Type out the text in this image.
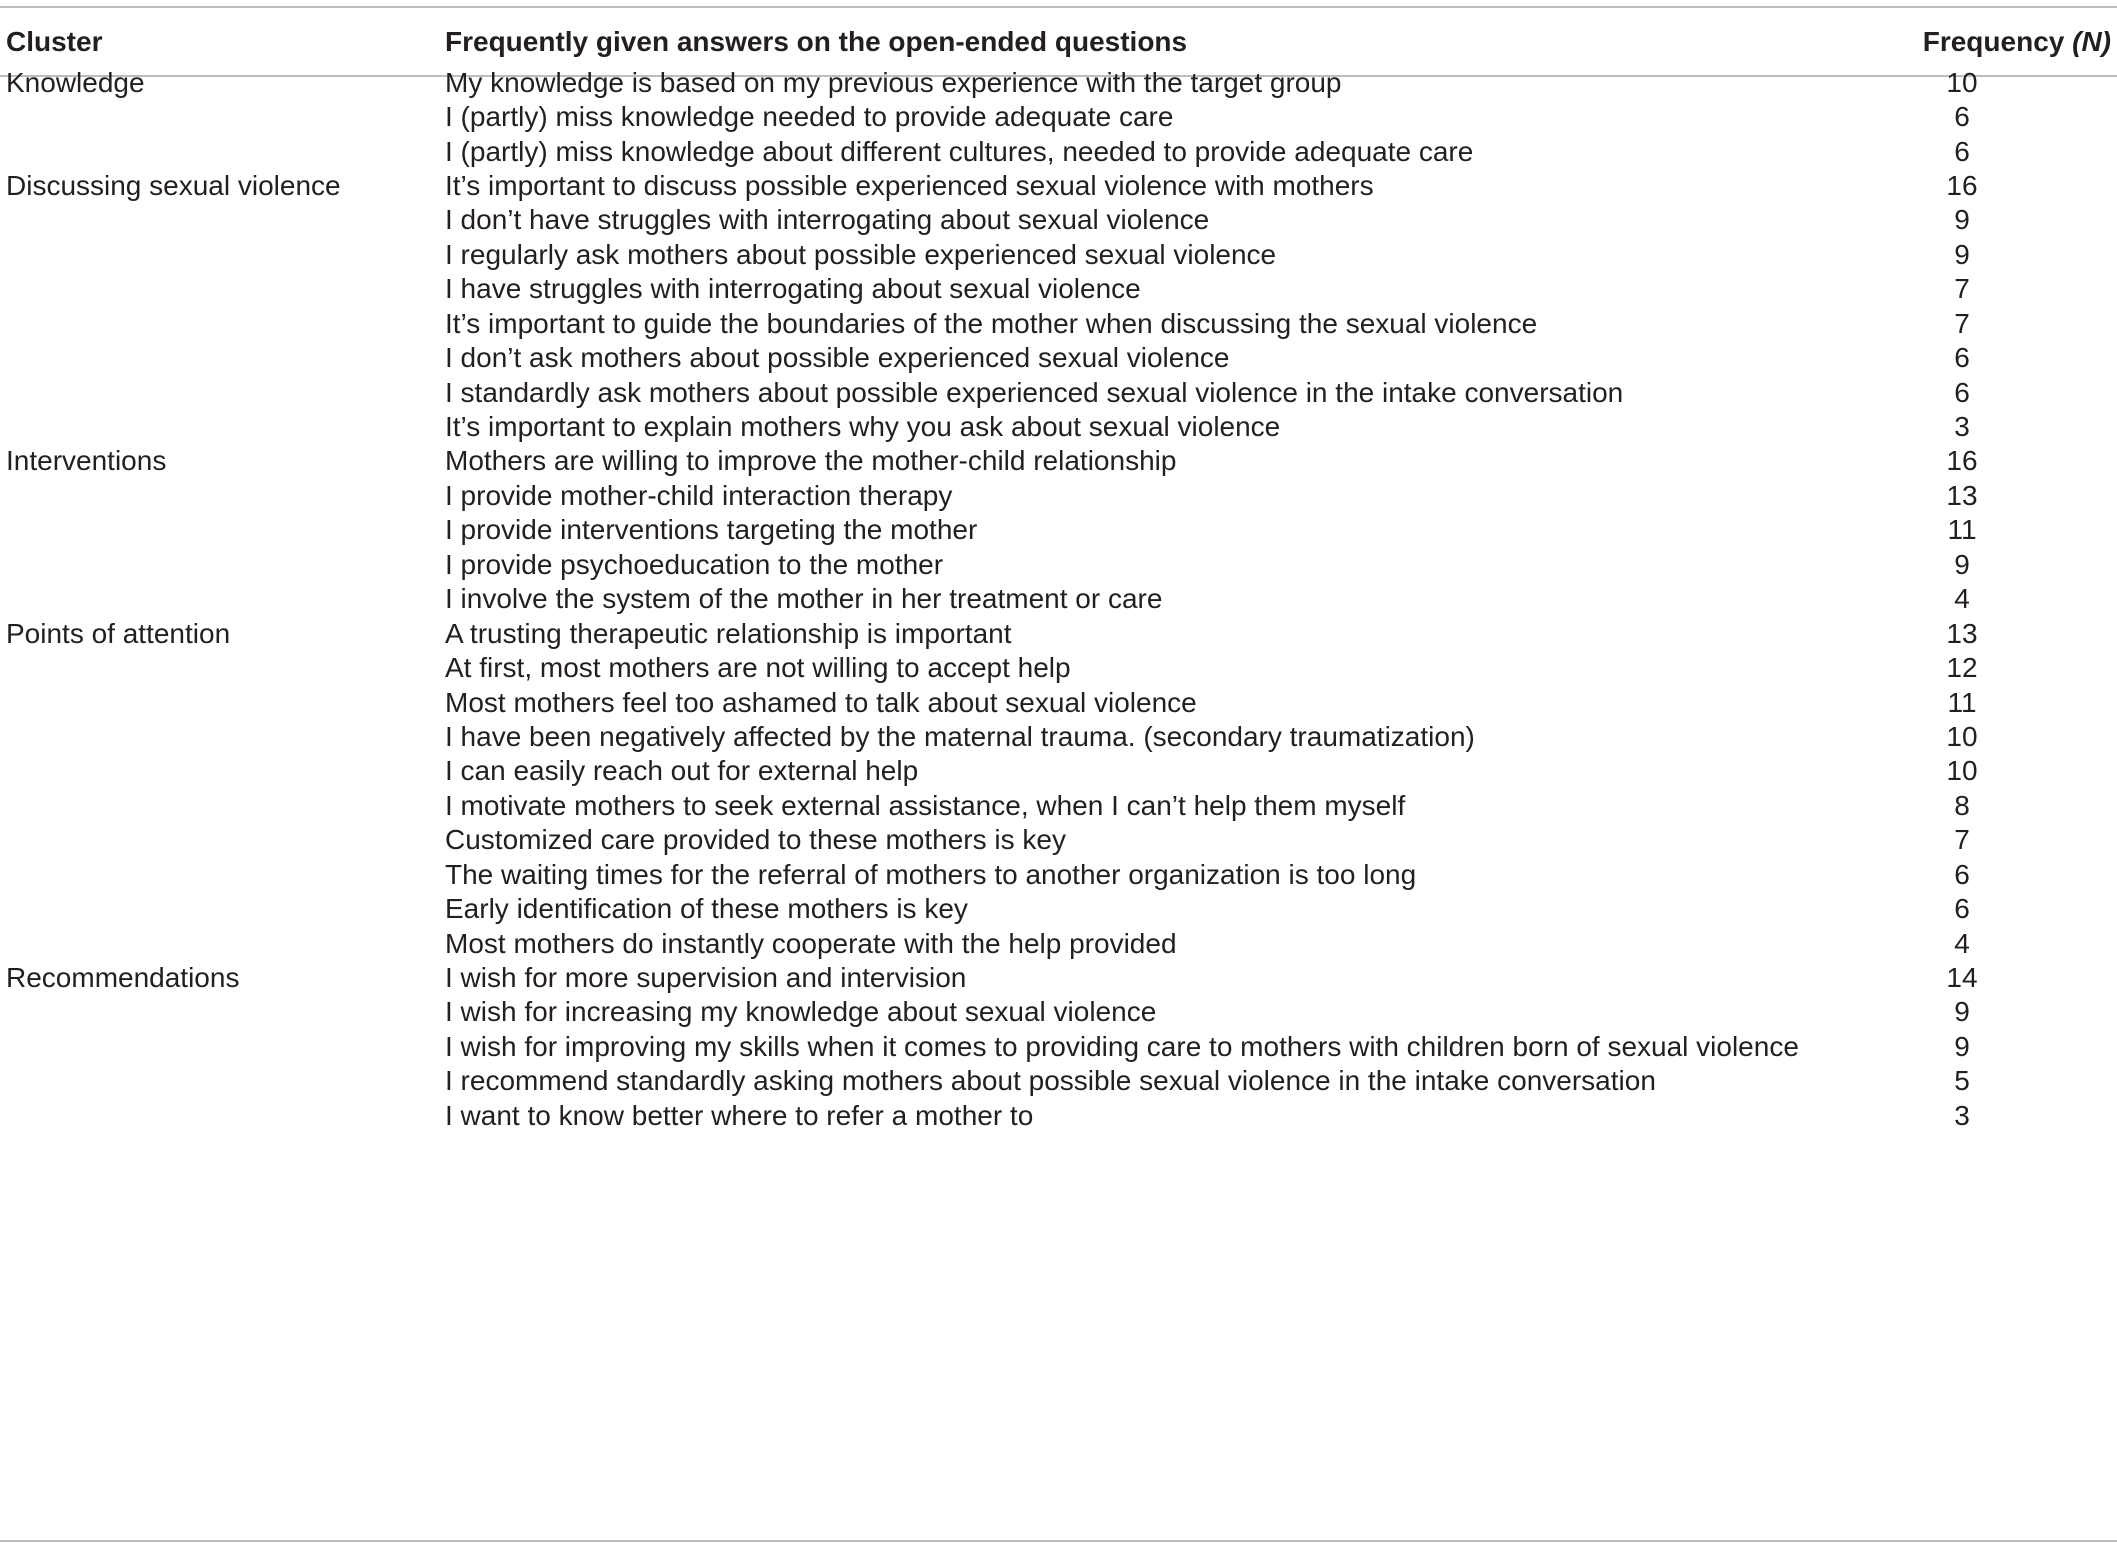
Cluster	Frequently given answers on the open-ended questions	Frequency (N)
Knowledge	My knowledge is based on my previous experience with the target group	10
I (partly) miss knowledge needed to provide adequate care	6
I (partly) miss knowledge about different cultures, needed to provide adequate care	6
Discussing sexual violence	It’s important to discuss possible experienced sexual violence with mothers	16
I don’t have struggles with interrogating about sexual violence	9
I regularly ask mothers about possible experienced sexual violence	9
I have struggles with interrogating about sexual violence	7
It’s important to guide the boundaries of the mother when discussing the sexual violence	7
I don’t ask mothers about possible experienced sexual violence	6
I standardly ask mothers about possible experienced sexual violence in the intake conversation	6
It’s important to explain mothers why you ask about sexual violence	3
Interventions	Mothers are willing to improve the mother-child relationship	16
I provide mother-child interaction therapy	13
I provide interventions targeting the mother	11
I provide psychoeducation to the mother	9
I involve the system of the mother in her treatment or care	4
Points of attention	A trusting therapeutic relationship is important	13
At first, most mothers are not willing to accept help	12
Most mothers feel too ashamed to talk about sexual violence	11
I have been negatively affected by the maternal trauma. (secondary traumatization)	10
I can easily reach out for external help	10
I motivate mothers to seek external assistance, when I can’t help them myself	8
Customized care provided to these mothers is key	7
The waiting times for the referral of mothers to another organization is too long	6
Early identification of these mothers is key	6
Most mothers do instantly cooperate with the help provided	4
Recommendations	I wish for more supervision and intervision	14
I wish for increasing my knowledge about sexual violence	9
I wish for improving my skills when it comes to providing care to mothers with children born of sexual violence	9
I recommend standardly asking mothers about possible sexual violence in the intake conversation	5
I want to know better where to refer a mother to	3
